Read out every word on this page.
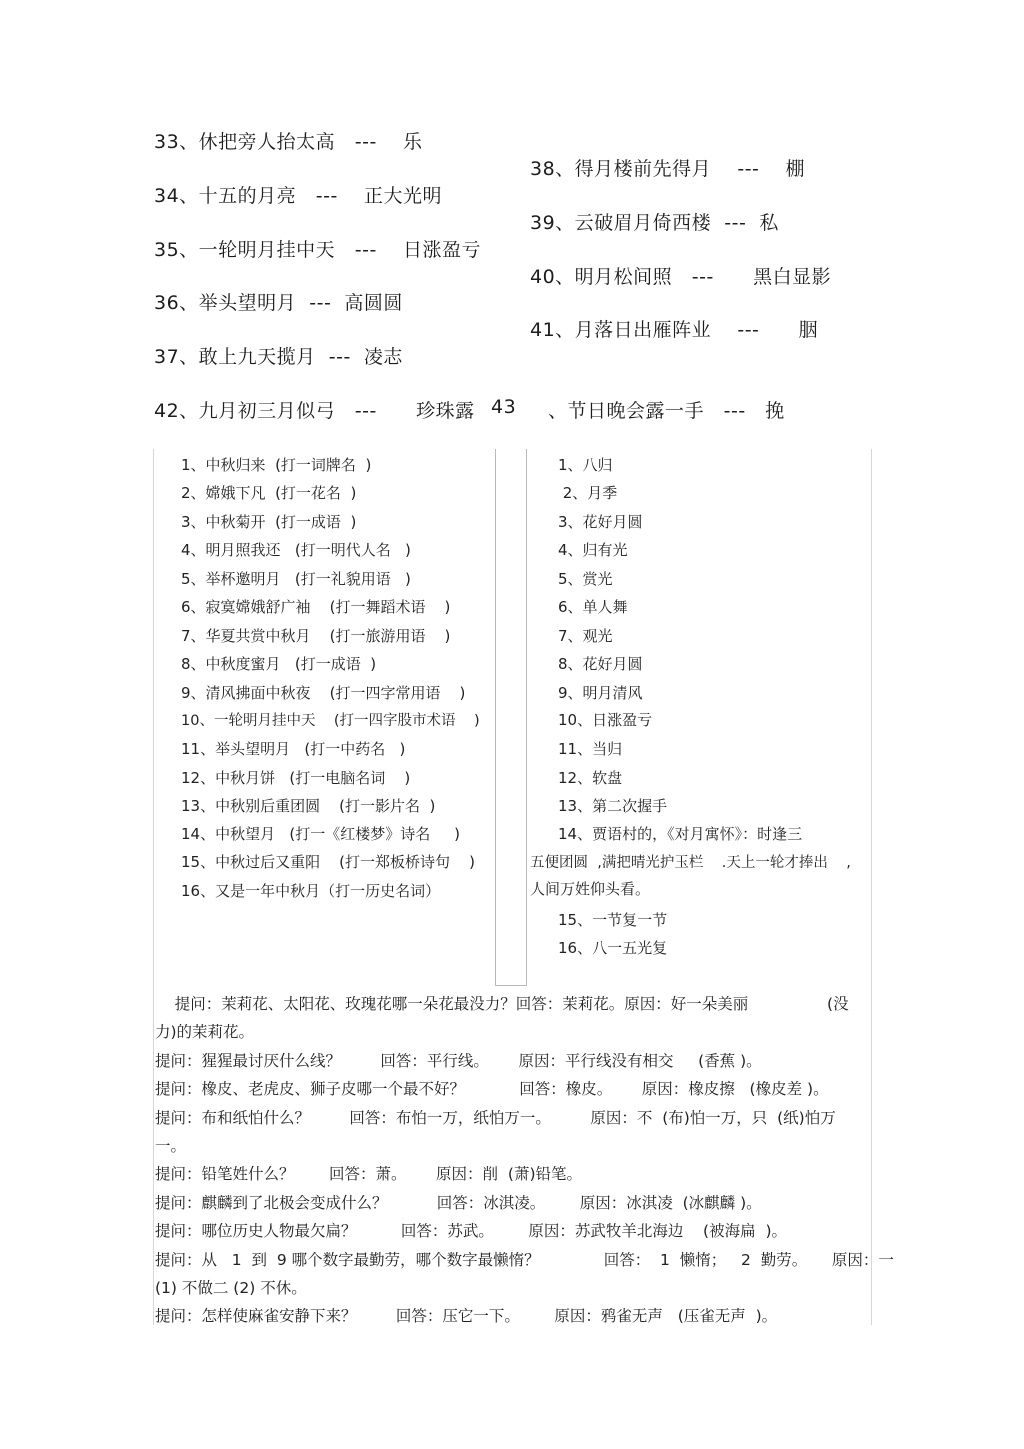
33、休把旁人抬太高   ---    乐
34、十五的月亮   ---    正大光明
35、一轮明月挂中天   ---    日涨盈亏
36、举头望明月  ---  高圆圆
37、敢上九天揽月  ---  凌志
38、得月楼前先得月    ---    棚
39、云破眉月倚西楼  ---  私
40、明月松间照   ---      黑白显影
41、月落日出雁阵业    ---      胭
42、九月初三月似弓   ---      珍珠露 43 、节日晚会露一手   ---   挽
1、中秋归来  (打一词牌名  )
2、嫦娥下凡  (打一花名  )
3、中秋菊开  (打一成语  )
4、明月照我还   (打一明代人名   )
5、举杯邀明月   (打一礼貌用语   )
6、寂寞嫦娥舒广袖    (打一舞蹈术语    )
7、华夏共赏中秋月    (打一旅游用语    )
8、中秋度蜜月   (打一成语  )
9、清风拂面中秋夜    (打一四字常用语    )
10、一轮明月挂中天    (打一四字股市术语    )
11、举头望明月   (打一中药名   )
12、中秋月饼   (打一电脑名词    )
13、中秋别后重团圆    (打一影片名  )
14、中秋望月   (打一《红楼梦》诗名     )
15、中秋过后又重阳    (打一郑板桥诗句    )
16、又是一年中秋月（打一历史名词）
1、八归
2、月季
3、花好月圆
4、归有光
5、赏光
6、单人舞
7、观光
8、花好月圆
9、明月清风
10、日涨盈亏
11、当归
12、软盘
13、第二次握手
14、贾语村的，《对月寓怀》：时逢三
五便团圆  ,满把晴光护玉栏    .天上一轮才捧出    ,
人间万姓仰头看。
15、一节复一节
16、八一五光复
提问：茉莉花、太阳花、玫瑰花哪一朵花最没力？回答：茉莉花。原因：好一朵美丽                (没
力)的茉莉花。
提问：猩猩最讨厌什么线？        回答：平行线。      原因：平行线没有相交     (香蕉 )。
提问：橡皮、老虎皮、狮子皮哪一个最不好？           回答：橡皮。      原因：橡皮擦   (橡皮差 )。
提问：布和纸怕什么？        回答：布怕一万，纸怕万一。        原因：不  (布)怕一万，只  (纸)怕万
一。
提问：铅笔姓什么？       回答：萧。      原因：削  (萧)铅笔。
提问：麒麟到了北极会变成什么？          回答：冰淇凌。       原因：冰淇凌  (冰麒麟 )。
提问：哪位历史人物最欠扁？         回答：苏武。       原因：苏武牧羊北海边    (被海扁  )。
提问：从   1  到  9 哪个数字最勤劳，哪个数字最懒惰？             回答：  1  懒惰；   2  勤劳。     原因：一
(1) 不做二 (2) 不休。
提问：怎样使麻雀安静下来？        回答：压它一下。       原因：鸦雀无声   (压雀无声  )。
